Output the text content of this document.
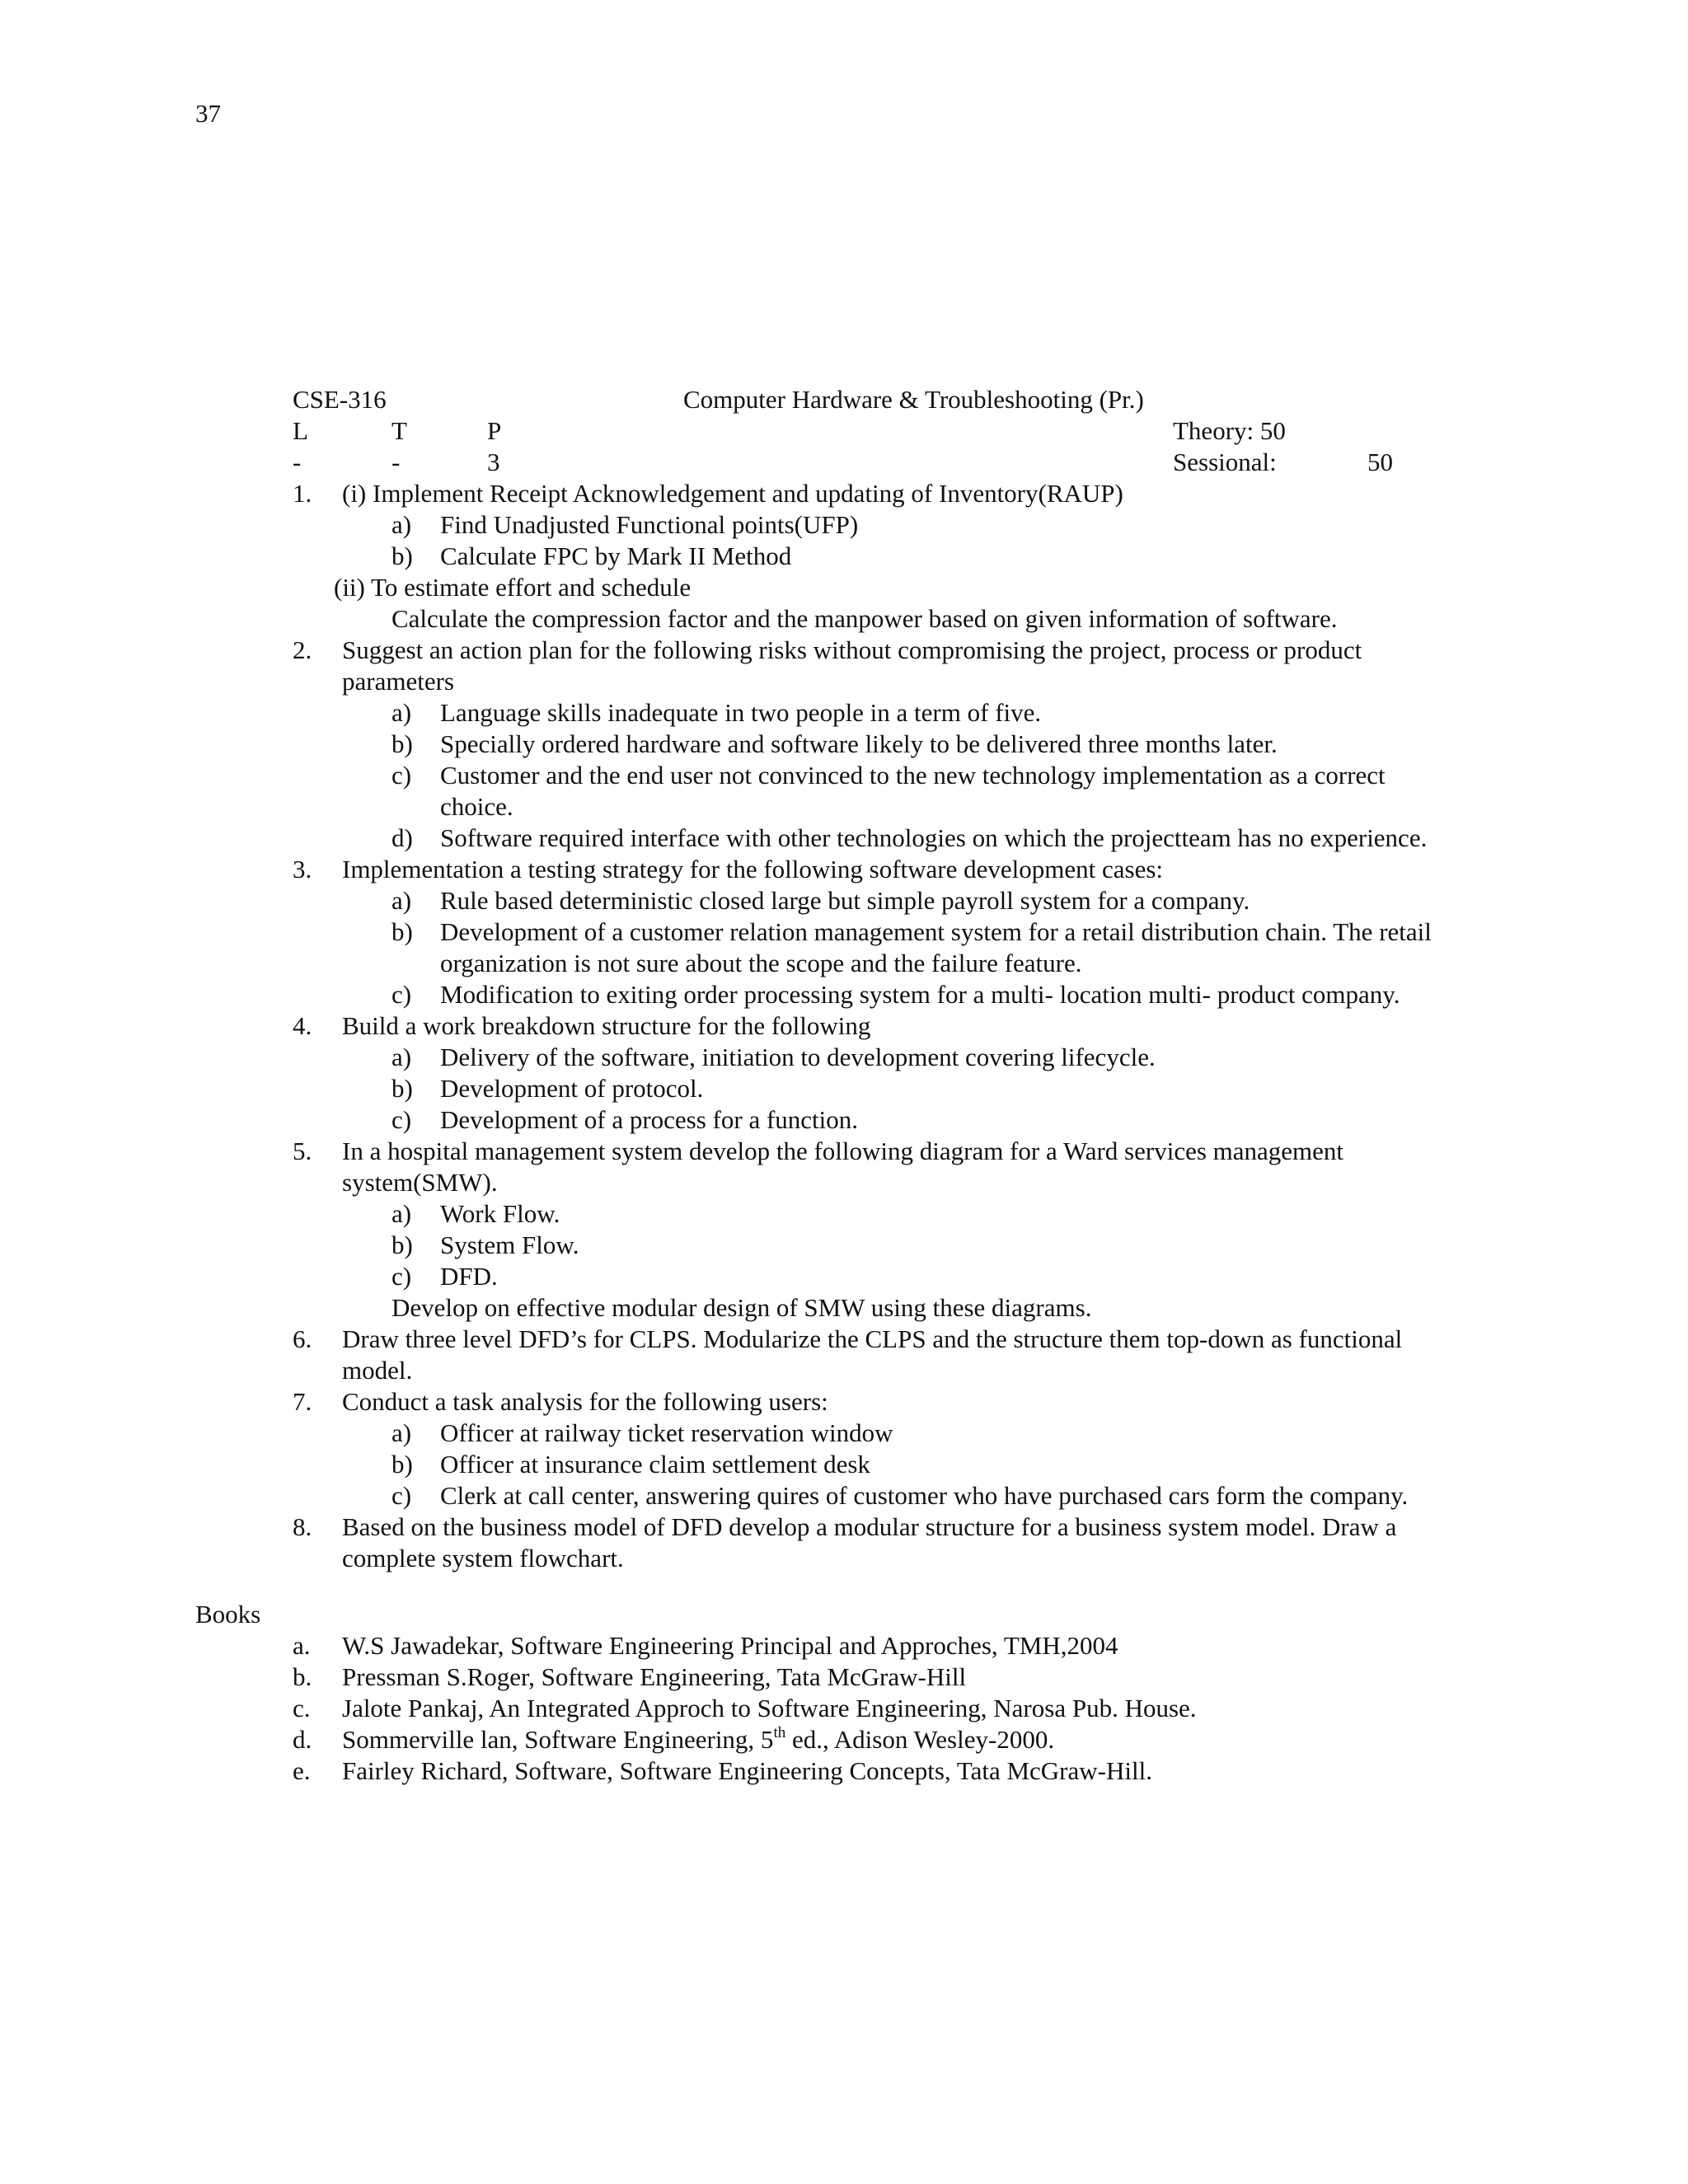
37
CSE-316	Computer Hardware & Troubleshooting (Pr.)
L	T	P	Theory: 50
-	-	3	Sessional:	50
1. (i) Implement Receipt Acknowledgement and updating of Inventory(RAUP)
a) Find Unadjusted Functional points(UFP)
b) Calculate FPC by Mark II Method
(ii) To estimate effort and schedule
Calculate the compression factor and the manpower based on given information of software.
2. Suggest an action plan for the following risks without compromising the project, process or product
parameters
a) Language skills inadequate in two people in a term of five.
b) Specially ordered hardware and software likely to be delivered three months later.
c) Customer and the end user not convinced to the new technology implementation as a correct
choice.
d) Software required interface with other technologies on which the projectteam has no experience.
3. Implementation a testing strategy for the following software development cases:
a) Rule based deterministic closed large but simple payroll system for a company.
b) Development of a customer relation management system for a retail distribution chain. The retail
organization is not sure about the scope and the failure feature.
c) Modification to exiting order processing system for a multi- location multi- product company.
4. Build a work breakdown structure for the following
a) Delivery of the software, initiation to development covering lifecycle.
b) Development of protocol.
c) Development of a process for a function.
5. In a hospital management system develop the following diagram for a Ward services management
system(SMW).
a) Work Flow.
b) System Flow.
c) DFD.
Develop on effective modular design of SMW using these diagrams.
6. Draw three level DFD’s for CLPS. Modularize the CLPS and the structure them top-down as functional
model.
7. Conduct a task analysis for the following users:
a) Officer at railway ticket reservation window
b) Officer at insurance claim settlement desk
c) Clerk at call center, answering quires of customer who have purchased cars form the company.
8. Based on the business model of DFD develop a modular structure for a business system model. Draw a
complete system flowchart.
Books
a. W.S Jawadekar, Software Engineering Principal and Approches, TMH,2004
b. Pressman S.Roger, Software Engineering, Tata McGraw-Hill
c. Jalote Pankaj, An Integrated Approch to Software Engineering, Narosa Pub. House.
d. Sommerville lan, Software Engineering, 5th ed., Adison Wesley-2000.
e. Fairley Richard, Software, Software Engineering Concepts, Tata McGraw-Hill.
